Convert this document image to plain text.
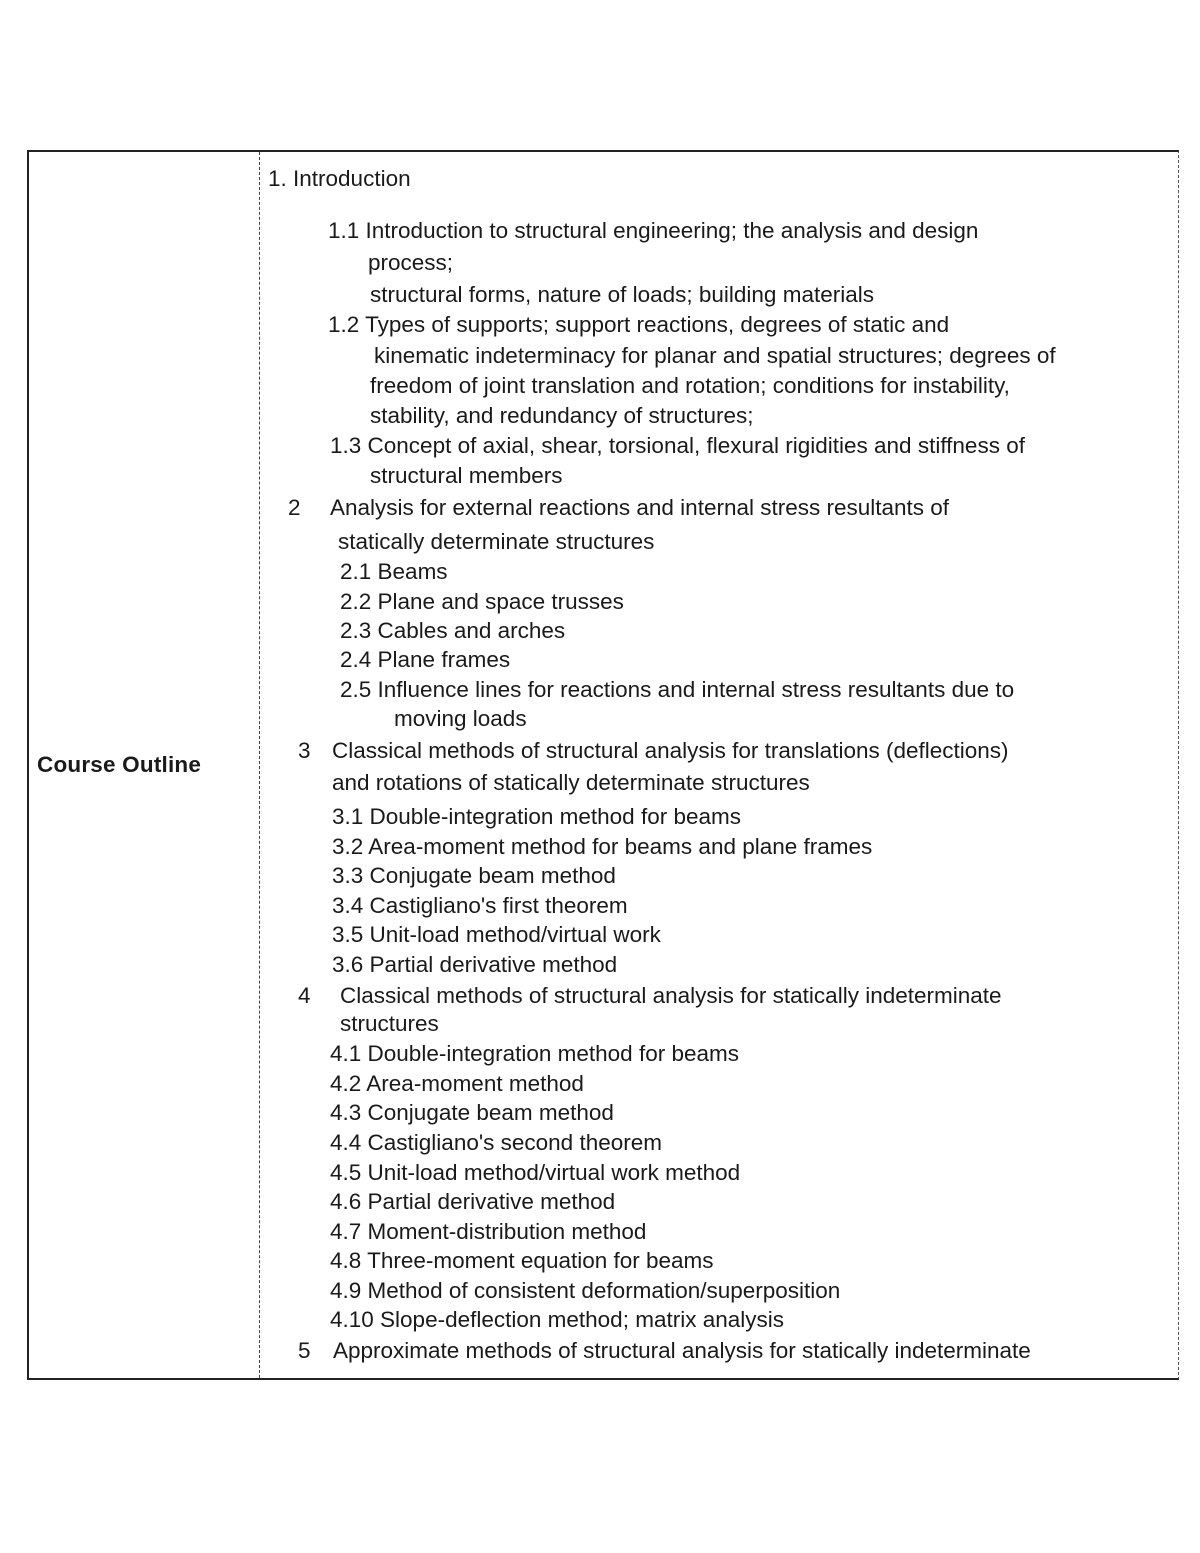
Course Outline
1. Introduction
1.1 Introduction to structural engineering; the analysis and design
process;
structural forms, nature of loads; building materials
1.2 Types of supports; support reactions, degrees of static and
kinematic indeterminacy for planar and spatial structures; degrees of
freedom of joint translation and rotation; conditions for instability,
stability, and redundancy of structures;
1.3 Concept of axial, shear, torsional, flexural rigidities and stiffness of
structural members
2 Analysis for external reactions and internal stress resultants of
statically determinate structures
2.1 Beams
2.2 Plane and space trusses
2.3 Cables and arches
2.4 Plane frames
2.5 Influence lines for reactions and internal stress resultants due to
moving loads
3 Classical methods of structural analysis for translations (deflections)
and rotations of statically determinate structures
3.1 Double-integration method for beams
3.2 Area-moment method for beams and plane frames
3.3 Conjugate beam method
3.4 Castigliano's first theorem
3.5 Unit-load method/virtual work
3.6 Partial derivative method
4 Classical methods of structural analysis for statically indeterminate
structures
4.1 Double-integration method for beams
4.2 Area-moment method
4.3 Conjugate beam method
4.4 Castigliano's second theorem
4.5 Unit-load method/virtual work method
4.6 Partial derivative method
4.7 Moment-distribution method
4.8 Three-moment equation for beams
4.9 Method of consistent deformation/superposition
4.10 Slope-deflection method; matrix analysis
5 Approximate methods of structural analysis for statically indeterminate
